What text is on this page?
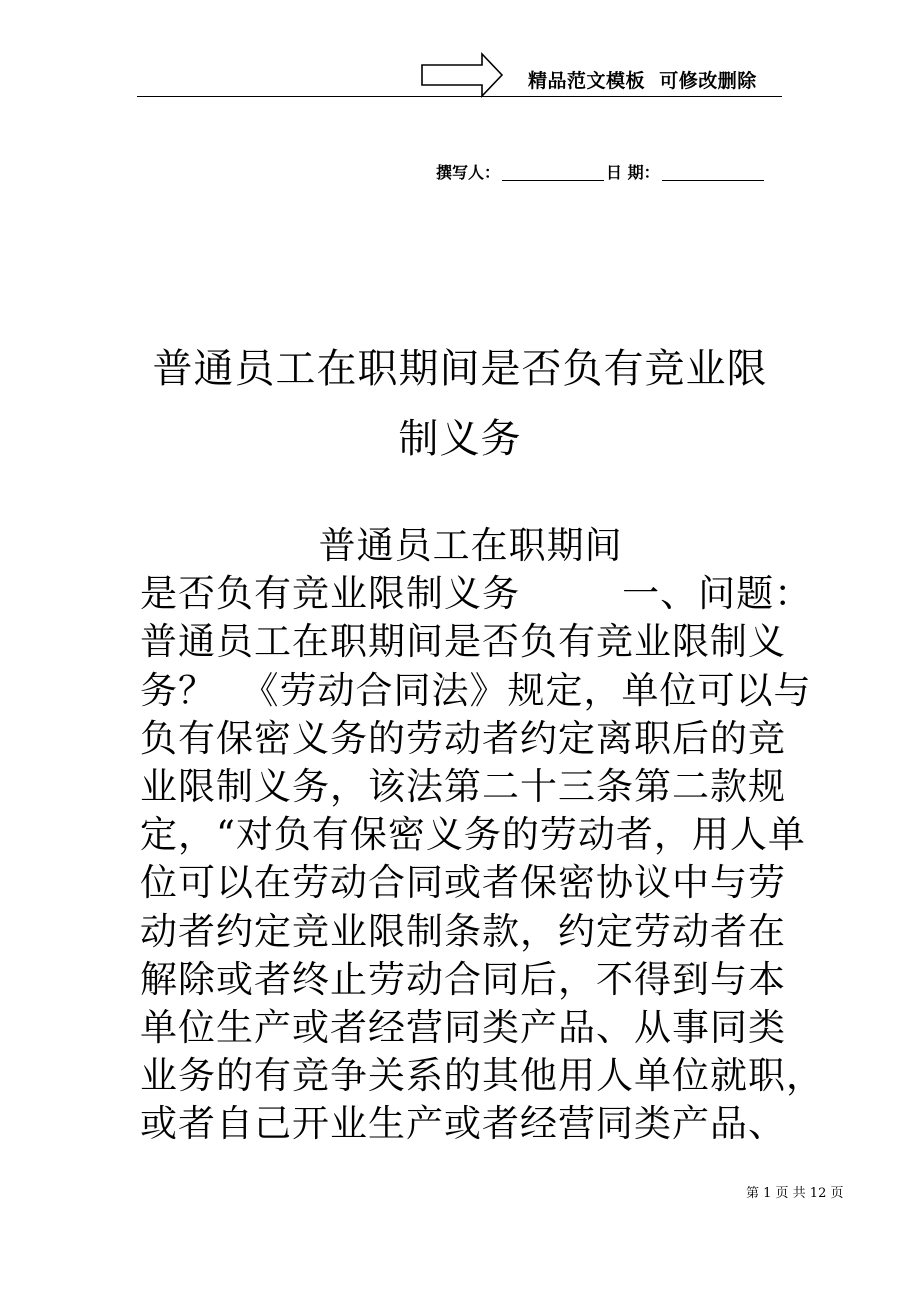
精品范文模板  可修改删除
撰写人：	日 期：
普通员工在职期间是否负有竞业限
制义务
普通员工在职期间
是否负有竞业限制义务        一、问题：
普通员工在职期间是否负有竞业限制义
务？  《劳动合同法》规定，单位可以与
负有保密义务的劳动者约定离职后的竞
业限制义务，该法第二十三条第二款规
定，“对负有保密义务的劳动者，用人单
位可以在劳动合同或者保密协议中与劳
动者约定竞业限制条款，约定劳动者在
解除或者终止劳动合同后，不得到与本
单位生产或者经营同类产品、从事同类
业务的有竞争关系的其他用人单位就职，
或者自己开业生产或者经营同类产品、
第 1 页 共 12 页
